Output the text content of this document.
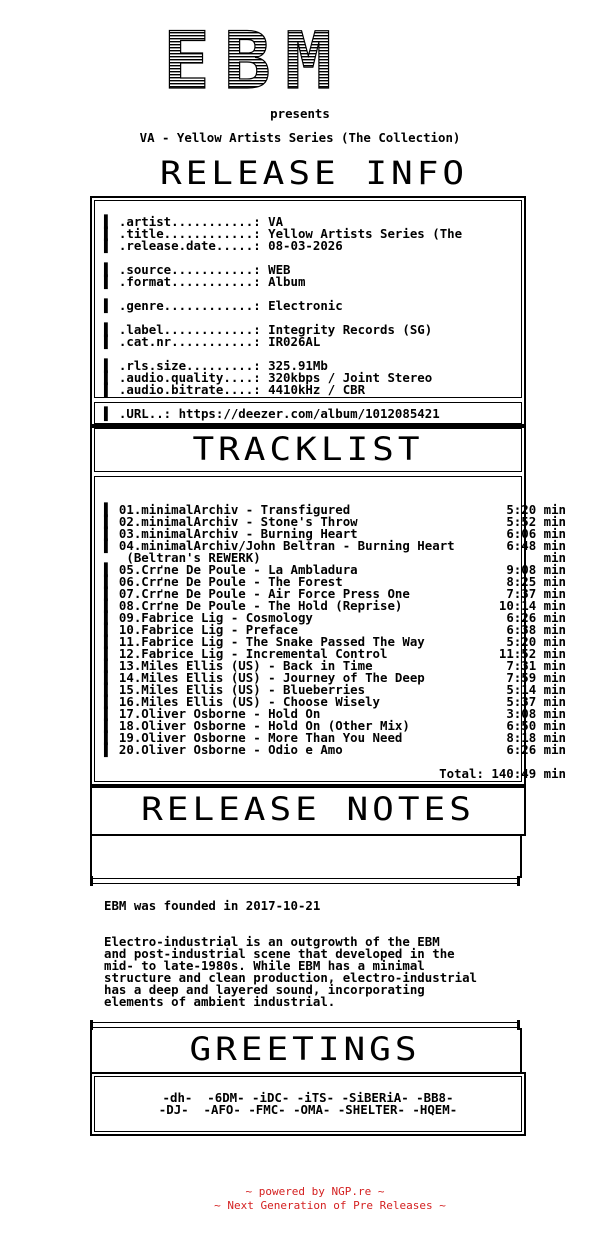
EBM
presents
VA - Yellow Artists Series (The Collection)
RELEASE INFO
▌ .artist...........: VA
▌ .title............: Yellow Artists Series (The
▌ .release.date.....: 08-03-2026
▌ .source...........: WEB
▌ .format...........: Album
▌ .genre............: Electronic
▌ .label............: Integrity Records (SG)
▌ .cat.nr...........: IR026AL
▌ .rls.size.........: 325.91Mb
▌ .audio.quality....: 320kbps / Joint Stereo
▌ .audio.bitrate....: 4410kHz / CBR
▌ .URL..: https://deezer.com/album/1012085421
TRACKLIST
▌ 01.minimalArchiv - Transfigured	5:20 min
▌ 02.minimalArchiv - Stone's Throw	5:52 min
▌ 03.minimalArchiv - Burning Heart	6:06 min
▌ 04.minimalArchiv/John Beltran - Burning Heart	6:48 min
(Beltran's REWERK)	min
▌ 05.Crґne De Poule - La Ambladura	9:08 min
▌ 06.Crґne De Poule - The Forest	8:25 min
▌ 07.Crґne De Poule - Air Force Press One	7:37 min
▌ 08.Crґne De Poule - The Hold (Reprise)	10:14 min
▌ 09.Fabrice Lig - Cosmology	6:26 min
▌ 10.Fabrice Lig - Preface	6:38 min
▌ 11.Fabrice Lig - The Snake Passed The Way	5:20 min
▌ 12.Fabrice Lig - Incremental Control	11:52 min
▌ 13.Miles Ellis (US) - Back in Time	7:31 min
▌ 14.Miles Ellis (US) - Journey of The Deep	7:59 min
▌ 15.Miles Ellis (US) - Blueberries	5:14 min
▌ 16.Miles Ellis (US) - Choose Wisely	5:37 min
▌ 17.Oliver Osborne - Hold On	3:08 min
▌ 18.Oliver Osborne - Hold On (Other Mix)	6:50 min
▌ 19.Oliver Osborne - More Than You Need	8:18 min
▌ 20.Oliver Osborne - Odio e Amo	6:26 min
Total: 140:49 min
RELEASE NOTES
EBM was founded in 2017-10-21
Electro-industrial is an outgrowth of the EBM
and post-industrial scene that developed in the
mid- to late-1980s. While EBM has a minimal
structure and clean production, electro-industrial
has a deep and layered sound, incorporating
elements of ambient industrial.
GREETINGS
-dh-  -6DM- -iDC- -iTS- -SiBERiA- -BB8-
-DJ-  -AFO- -FMC- -OMA- -SHELTER- -HQEM-
~ powered by NGP.re ~
~ Next Generation of Pre Releases ~
